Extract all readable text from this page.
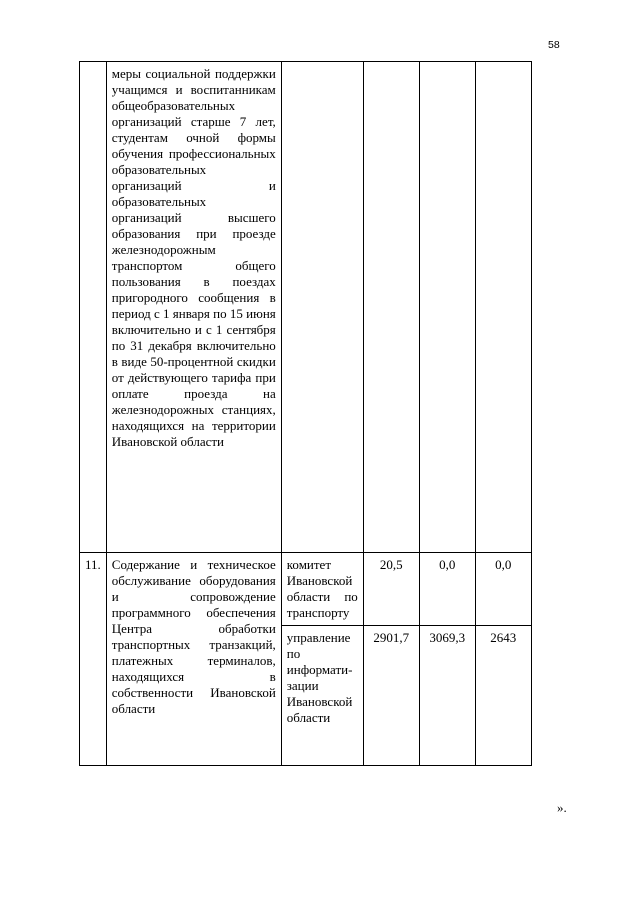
58
	меры социальной поддержки учащимся и воспитанникам общеобразовательных организаций старше 7 лет, студентам очной формы обучения профессиональных образовательных организаций и образовательных организаций высшего образования при проезде железнодорожным транспортом общего пользования в поездах пригородного сообщения в период с 1 января по 15 июня включительно и с 1 сентября по 31 декабря включительно в виде 50-процентной скидки от действующего тарифа при оплате проезда на железнодорожных станциях, находящихся на территории Ивановской области				
11.	Содержание и техническое обслуживание оборудования и сопровождение программного обеспечения Центра обработки транспортных транзакций, платежных терминалов, находящихся в собственности Ивановской области	комитет Ивановской области по транспорту	20,5	0,0	0,0
		управление по информати-зации Ивановской области	2901,7	3069,3	2643
».
